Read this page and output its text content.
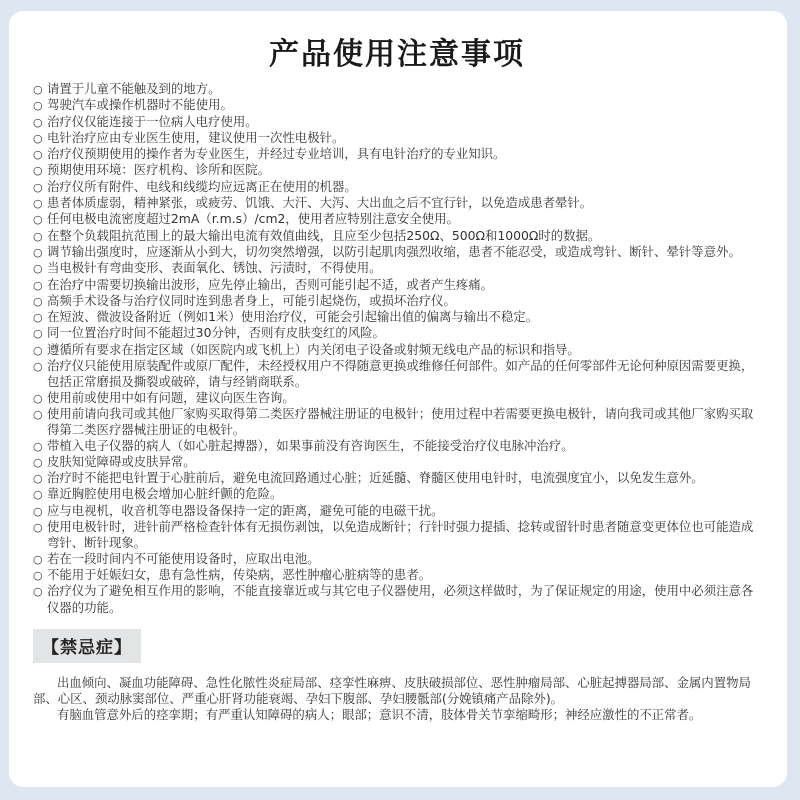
产品使用注意事项
○ 请置于儿童不能触及到的地方。
○ 驾驶汽车或操作机器时不能使用。
○ 治疗仪仅能连接于一位病人电疗使用。
○ 电针治疗应由专业医生使用，建议使用一次性电极针。
○ 治疗仪预期使用的操作者为专业医生，并经过专业培训，具有电针治疗的专业知识。
○ 预期使用环境：医疗机构、诊所和医院。
○ 治疗仪所有附件、电线和线缆均应远离正在使用的机器。
○ 患者体质虚弱，精神紧张，或疲劳、饥饿、大汗、大泻、大出血之后不宜行针，以免造成患者晕针。
○ 任何电极电流密度超过2mA（r.m.s）/cm2，使用者应特别注意安全使用。
○ 在整个负载阻抗范围上的最大输出电流有效值曲线，且应至少包括250Ω、500Ω和1000Ω时的数据。
○ 调节输出强度时，应逐渐从小到大，切勿突然增强，以防引起肌肉强烈收缩，患者不能忍受，或造成弯针、断针、晕针等意外。
○ 当电极针有弯曲变形、表面氧化、锈蚀、污渍时，不得使用。
○ 在治疗中需要切换输出波形，应先停止输出，否则可能引起不适，或者产生疼痛。
○ 高频手术设备与治疗仪同时连到患者身上，可能引起烧伤，或损坏治疗仪。
○ 在短波、微波设备附近（例如1米）使用治疗仪，可能会引起输出值的偏离与输出不稳定。
○ 同一位置治疗时间不能超过30分钟，否则有皮肤变红的风险。
○ 遵循所有要求在指定区域（如医院内或飞机上）内关闭电子设备或射频无线电产品的标识和指导。
○ 治疗仪只能使用原装配件或原厂配件，未经授权用户不得随意更换或维修任何部件。如产品的任何零部件无论何种原因需要更换，包括正常磨损及撕裂或破碎，请与经销商联系。
○ 使用前或使用中如有问题，建议向医生咨询。
○ 使用前请向我司或其他厂家购买取得第二类医疗器械注册证的电极针；使用过程中若需要更换电极针，请向我司或其他厂家购买取得第二类医疗器械注册证的电极针。
○ 带植入电子仪器的病人（如心脏起搏器），如果事前没有咨询医生，不能接受治疗仪电脉冲治疗。
○ 皮肤知觉障碍或皮肤异常。
○ 治疗时不能把电针置于心脏前后，避免电流回路通过心脏；近延髓、脊髓区使用电针时，电流强度宜小，以免发生意外。
○ 靠近胸腔使用电极会增加心脏纤颤的危险。
○ 应与电视机，收音机等电器设备保持一定的距离，避免可能的电磁干扰。
○ 使用电极针时，进针前严格检查针体有无损伤剥蚀，以免造成断针；行针时强力提插、捻转或留针时患者随意变更体位也可能造成弯针、断针现象。
○ 若在一段时间内不可能使用设备时，应取出电池。
○ 不能用于妊娠妇女，患有急性病，传染病，恶性肿瘤心脏病等的患者。
○ 治疗仪为了避免相互作用的影响，不能直接靠近或与其它电子仪器使用，必须这样做时，为了保证规定的用途，使用中必须注意各仪器的功能。
【禁忌症】

出血倾向、凝血功能障碍、急性化脓性炎症局部、痉挛性麻痹、皮肤破损部位、恶性肿瘤局部、心脏起搏器局部、金属内置物局部、心区、颈动脉窦部位、严重心肝肾功能衰竭、孕妇下腹部、孕妇腰骶部(分娩镇痛产品除外)。

有脑血管意外后的痉挛期；有严重认知障碍的病人；眼部；意识不清，肢体骨关节挛缩畸形；神经应激性的不正常者。
